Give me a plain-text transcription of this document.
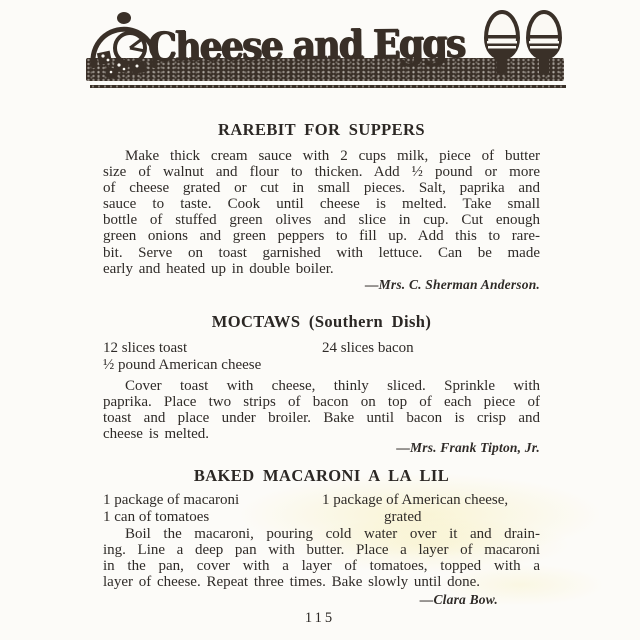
Cheese and Eggs
RAREBIT FOR SUPPERS
Make thick cream sauce with 2 cups milk, piece of butter
size of walnut and flour to thicken. Add ½ pound or more
of cheese grated or cut in small pieces. Salt, paprika and
sauce to taste. Cook until cheese is melted. Take small
bottle of stuffed green olives and slice in cup. Cut enough
green onions and green peppers to fill up. Add this to rare-
bit. Serve on toast garnished with lettuce. Can be made
early and heated up in double boiler.
—Mrs. C. Sherman Anderson.
MOCTAWS (Southern Dish)
12 slices toast
½ pound American cheese
24 slices bacon
Cover toast with cheese, thinly sliced. Sprinkle with
paprika. Place two strips of bacon on top of each piece of
toast and place under broiler. Bake until bacon is crisp and
cheese is melted.
—Mrs. Frank Tipton, Jr.
BAKED MACARONI A LA LIL
1 package of macaroni
1 can of tomatoes
1 package of American cheese,
grated
Boil the macaroni, pouring cold water over it and drain-
ing. Line a deep pan with butter. Place a layer of macaroni
in the pan, cover with a layer of tomatoes, topped with a
layer of cheese. Repeat three times. Bake slowly until done.
—Clara Bow.
115
